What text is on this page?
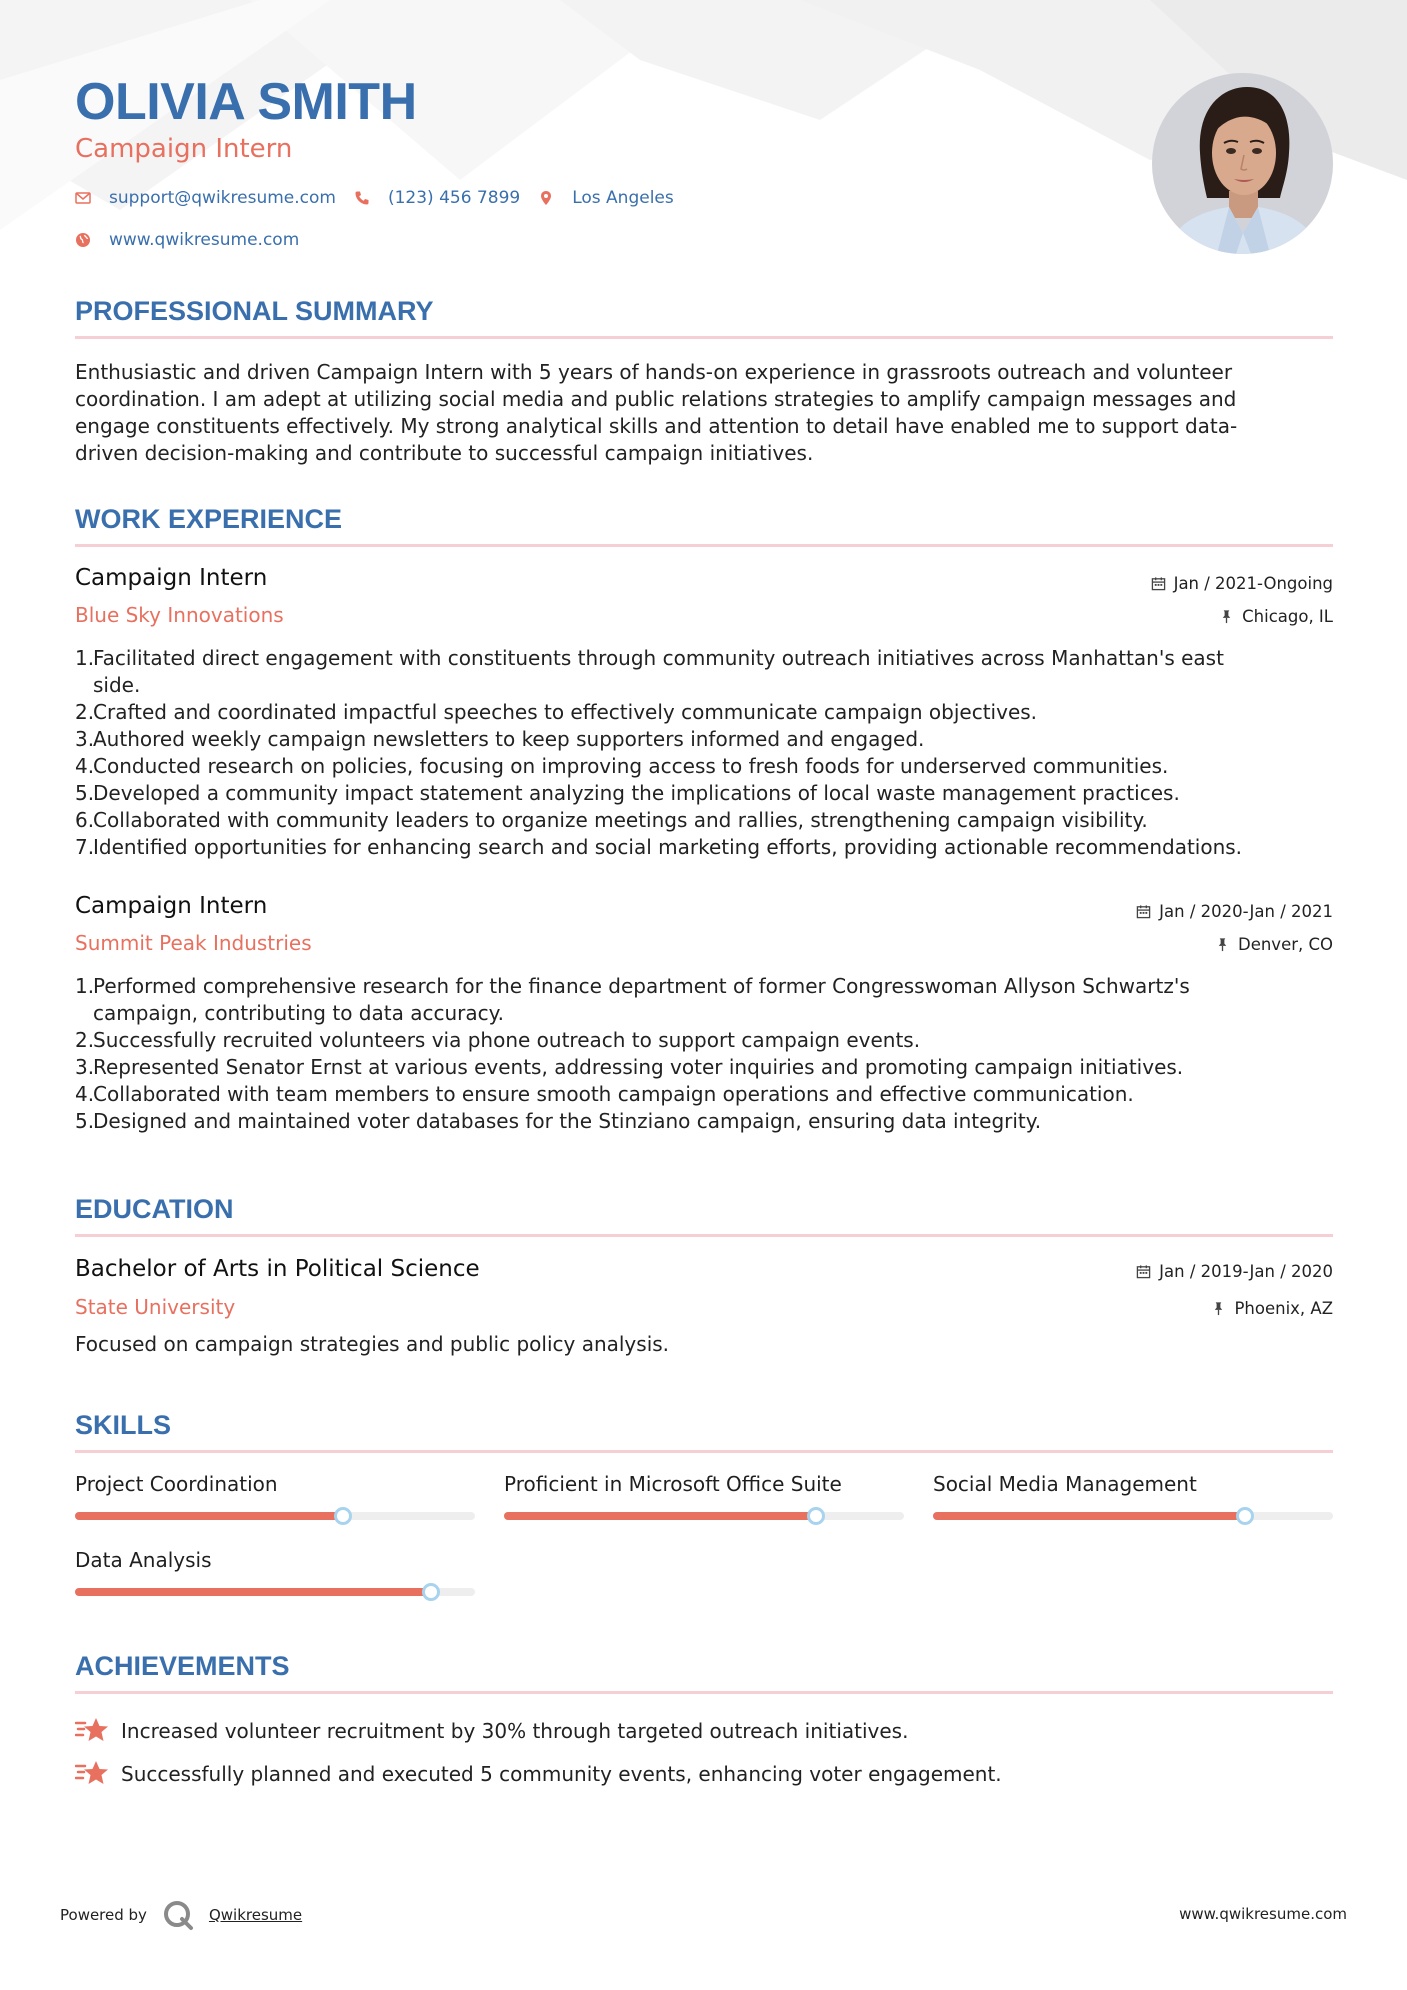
OLIVIA SMITH
Campaign Intern
support@qwikresume.com	(123) 456 7899	Los Angeles
www.qwikresume.com
PROFESSIONAL SUMMARY
Enthusiastic and driven Campaign Intern with 5 years of hands-on experience in grassroots outreach and volunteer
coordination. I am adept at utilizing social media and public relations strategies to amplify campaign messages and
engage constituents effectively. My strong analytical skills and attention to detail have enabled me to support data-
driven decision-making and contribute to successful campaign initiatives.
WORK EXPERIENCE
Campaign Intern	Jan / 2021-Ongoing
Blue Sky Innovations	Chicago, IL
1.
Facilitated direct engagement with constituents through community outreach initiatives across Manhattan's east
side.
2.
Crafted and coordinated impactful speeches to effectively communicate campaign objectives.
3.
Authored weekly campaign newsletters to keep supporters informed and engaged.
4.
Conducted research on policies, focusing on improving access to fresh foods for underserved communities.
5.
Developed a community impact statement analyzing the implications of local waste management practices.
6.
Collaborated with community leaders to organize meetings and rallies, strengthening campaign visibility.
7.
Identified opportunities for enhancing search and social marketing efforts, providing actionable recommendations.
Campaign Intern	Jan / 2020-Jan / 2021
Summit Peak Industries	Denver, CO
1.
Performed comprehensive research for the finance department of former Congresswoman Allyson Schwartz's
campaign, contributing to data accuracy.
2.
Successfully recruited volunteers via phone outreach to support campaign events.
3.
Represented Senator Ernst at various events, addressing voter inquiries and promoting campaign initiatives.
4.
Collaborated with team members to ensure smooth campaign operations and effective communication.
5.
Designed and maintained voter databases for the Stinziano campaign, ensuring data integrity.
EDUCATION
Bachelor of Arts in Political Science	Jan / 2019-Jan / 2020
State University	Phoenix, AZ
Focused on campaign strategies and public policy analysis.
SKILLS
Project Coordination	Proficient in Microsoft Office Suite	Social Media Management
Data Analysis
ACHIEVEMENTS
Increased volunteer recruitment by 30% through targeted outreach initiatives.
Successfully planned and executed 5 community events, enhancing voter engagement.
Powered by	Qwikresume	www.qwikresume.com
